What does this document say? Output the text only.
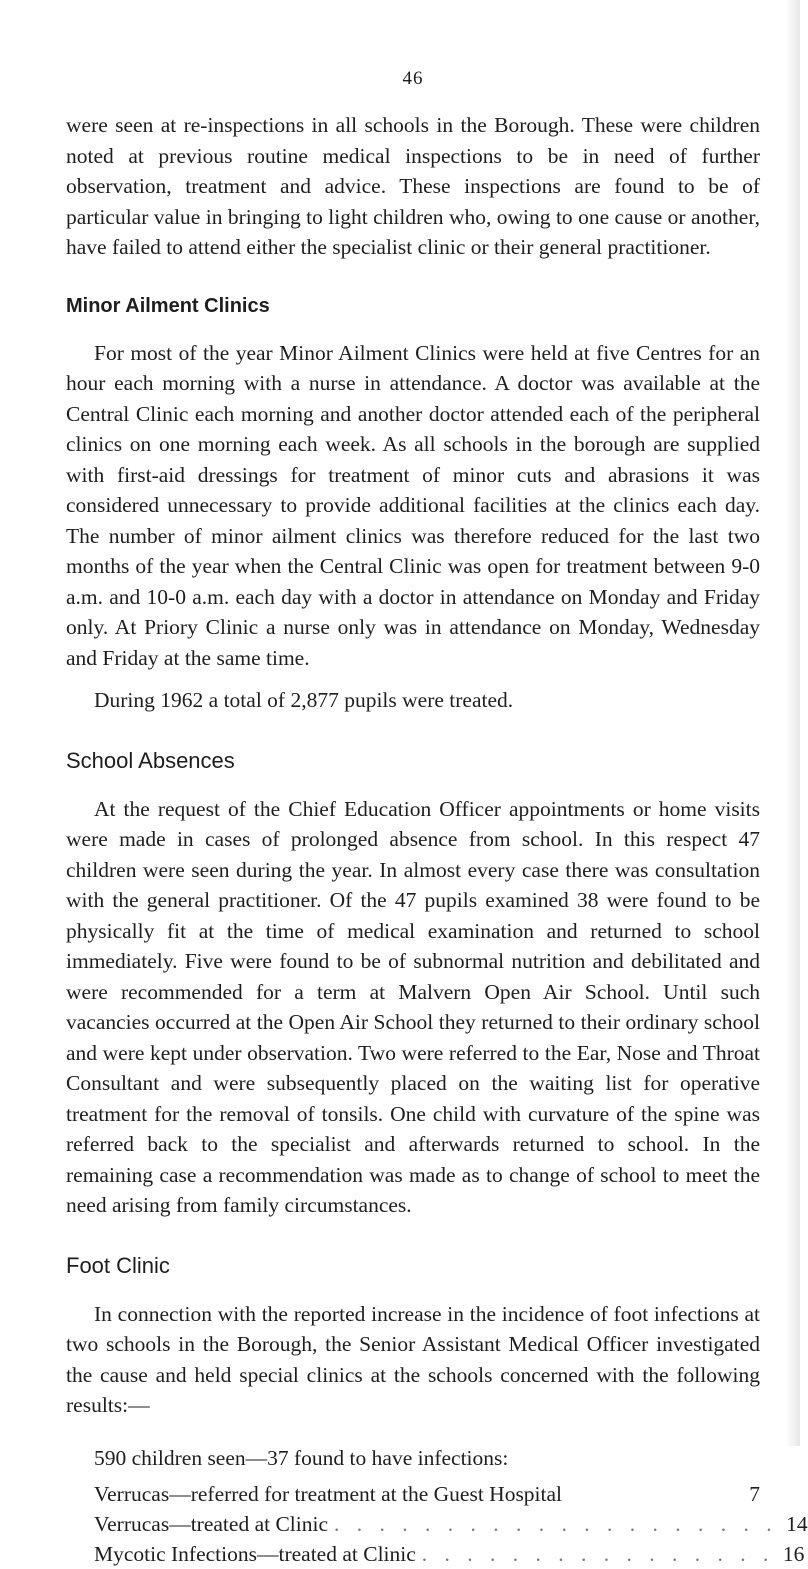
46

were seen at re-inspections in all schools in the Borough. These were children noted at previous routine medical inspections to be in need of further observation, treatment and advice. These inspections are found to be of particular value in bringing to light children who, owing to one cause or another, have failed to attend either the specialist clinic or their general practitioner.

Minor Ailment Clinics

For most of the year Minor Ailment Clinics were held at five Centres for an hour each morning with a nurse in attendance. A doctor was available at the Central Clinic each morning and another doctor attended each of the peripheral clinics on one morning each week. As all schools in the borough are supplied with first-aid dressings for treatment of minor cuts and abrasions it was considered unnecessary to provide additional facilities at the clinics each day. The number of minor ailment clinics was therefore reduced for the last two months of the year when the Central Clinic was open for treatment between 9-0 a.m. and 10-0 a.m. each day with a doctor in attendance on Monday and Friday only. At Priory Clinic a nurse only was in attendance on Monday, Wednesday and Friday at the same time.

During 1962 a total of 2,877 pupils were treated.

School Absences

At the request of the Chief Education Officer appointments or home visits were made in cases of prolonged absence from school. In this respect 47 children were seen during the year. In almost every case there was consultation with the general practitioner. Of the 47 pupils examined 38 were found to be physically fit at the time of medical examination and returned to school immediately. Five were found to be of subnormal nutrition and debilitated and were recommended for a term at Malvern Open Air School. Until such vacancies occurred at the Open Air School they returned to their ordinary school and were kept under observation. Two were referred to the Ear, Nose and Throat Consultant and were subsequently placed on the waiting list for operative treatment for the removal of tonsils. One child with curvature of the spine was referred back to the specialist and afterwards returned to school. In the remaining case a recommendation was made as to change of school to meet the need arising from family circumstances.

Foot Clinic

In connection with the reported increase in the incidence of foot infections at two schools in the Borough, the Senior Assistant Medical Officer investigated the cause and held special clinics at the schools concerned with the following results:—

590 children seen—37 found to have infections:

Verrucas—referred for treatment at the Guest Hospital	7
Verrucas—treated at Clinic . . . . . . . . . . . . . . . . . . . . 14
Mycotic Infections—treated at Clinic . . . . . . . . . . . . . . . . 16
